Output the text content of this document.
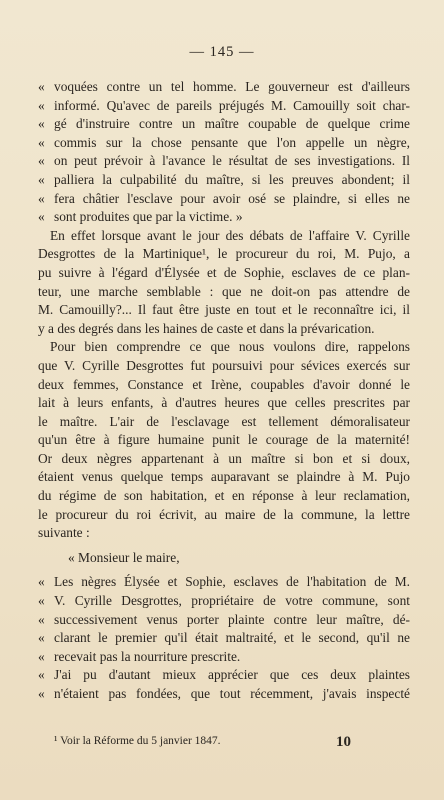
— 145 —
« voquées contre un tel homme. Le gouverneur est d'ailleurs
« informé. Qu'avec de pareils préjugés M. Camouilly soit char-
« gé d'instruire contre un maître coupable de quelque crime
« commis sur la chose pensante que l'on appelle un nègre,
« on peut prévoir à l'avance le résultat de ses investigations. Il
« palliera la culpabilité du maître, si les preuves abondent; il
« fera châtier l'esclave pour avoir osé se plaindre, si elles ne
« sont produites que par la victime. »
En effet lorsque avant le jour des débats de l'affaire V. Cyrille
Desgrottes de la Martinique¹, le procureur du roi, M. Pujo, a
pu suivre à l'égard d'Élysée et de Sophie, esclaves de ce plan-
teur, une marche semblable : que ne doit-on pas attendre de
M. Camouilly?... Il faut être juste en tout et le reconnaître ici, il
y a des degrés dans les haines de caste et dans la prévarication.
Pour bien comprendre ce que nous voulons dire, rappelons
que V. Cyrille Desgrottes fut poursuivi pour sévices exercés sur
deux femmes, Constance et Irène, coupables d'avoir donné le
lait à leurs enfants, à d'autres heures que celles prescrites par
le maître. L'air de l'esclavage est tellement démoralisateur
qu'un être à figure humaine punit le courage de la maternité!
Or deux nègres appartenant à un maître si bon et si doux,
étaient venus quelque temps auparavant se plaindre à M. Pujo
du régime de son habitation, et en réponse à leur reclamation,
le procureur du roi écrivit, au maire de la commune, la lettre
suivante :
« Monsieur le maire,
« Les nègres Élysée et Sophie, esclaves de l'habitation de M.
« V. Cyrille Desgrottes, propriétaire de votre commune, sont
« successivement venus porter plainte contre leur maître, dé-
« clarant le premier qu'il était maltraité, et le second, qu'il ne
« recevait pas la nourriture prescrite.
« J'ai pu d'autant mieux apprécier que ces deux plaintes
« n'étaient pas fondées, que tout récemment, j'avais inspecté
¹ Voir la Réforme du 5 janvier 1847.	10
